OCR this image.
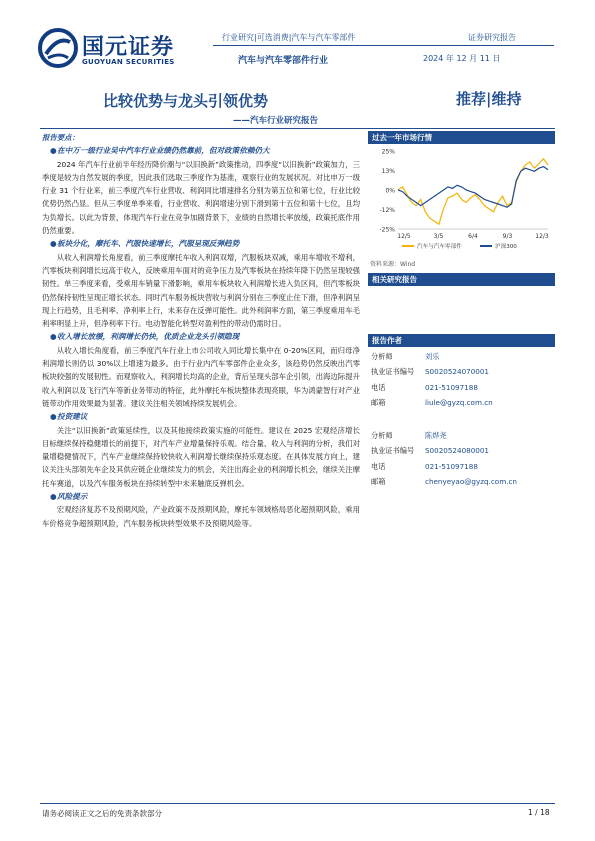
国元证券
GUOYUAN SECURITIES
行业研究|可选消费|汽车与汽车零部件	证券研究报告
汽车与汽车零部件行业	2024 年 12 月 11 日
比较优势与龙头引领优势
——汽车行业研究报告
推荐|维持

报告要点：

●在中万一级行业吴中汽车行业业绩仍然靠前，但对政策依赖仍大

2024 年汽车行业前半年经历降价潮与“以旧换新”政策推动，四季度“以旧换新”政策加力，三季度是较为自然发展的季度，因此我们选取三季度作为基准，观察行业的发展状况。对比申万一级行业 31 个行业来，前三季度汽车行业营收、利润同比增速排名分别为第五位和第七位，行业比较优势仍然凸显。但从三季度单季来看，行业营收、利润增速分别下滑到第十五位和第十七位，且均为负增长。以此为背景，体现汽车行业在竞争加剧背景下，业绩的自然增长率放缓，政策托底作用仍然重要。

●板块分化，摩托车、汽服快速增长，汽服呈现反弹趋势

从收入利润增长角度看，前三季度摩托车收入利润双增，汽服板块双减，乘用车增收不增利，汽零板块利润增长远高于收入，反映乘用车面对的竞争压力及汽零板块在持续年降下仍然呈现较强韧性。单三季度来看，受乘用车销量下滑影响，乘用车板块收入利润增长进入负区间，但汽零板块仍然保持韧性呈现正增长状态。同时汽车服务板块营收与利润分别在三季度止住下滑，但净利润呈现上行趋势，且毛利率、净利率上行，未来存在反弹可能性。此外利润率方面，第三季度乘用车毛利率明显上升，但净利率下行。电动智能化转型对盈利性的带动仍需时日。

●收入增长放缓，利润增长仍快，优质企业龙头引领隐现

从收入增长角度看，前三季度汽车行业上市公司收入同比增长集中在 0-20%区间，而归母净利润增长则仍以 30%以上增速为最多。由于行业内汽车零部件企业众多，该趋势仍然反映出汽零板块较强的发展韧性。而观察收入、利润增长均高的企业，背后呈现头部车企引领，出海边际提升收入利润以及飞行汽车等新业务带动的特征，此外摩托车板块整体表现亮眼，华为鸿蒙智行对产业链带动作用效果最为显著。建议关注相关领域持续发展机会。

●投资建议

关注“以旧换新”政策延续性，以及其他接续政策实施的可能性。建议在 2025 宏观经济增长目标继续保持稳健增长的前提下，对汽车产业增量保持乐观。结合量、收入与利润的分析，我们对量增稳健情况下，汽车产业继续保持较快收入利润增长继续保持乐观态度。在具体发展方向上，建议关注头部领先车企及其供应链企业继续发力的机会，关注出海企业的利润增长机会，继续关注摩托车赛道，以及汽车服务板块在持续转型中未来触底反弹机会。

●风险提示

宏观经济复苏不及预期风险，产业政策不及预期风险，摩托车领域格局恶化超预期风险，乘用车价格竞争超预期风险，汽车服务板块转型效果不及预期风险等。

过去一年市场行情
25%
13%
0%
-12%
-25%
12/5	3/5	6/4	9/3	12/3
汽车与汽车零部件	沪深300
资料来源：Wind
相关研究报告
报告作者
分析师	刘乐
执业证书编号	S0020524070001
电话	021-51097188
邮箱	liule@gyzq.com.cn
分析师	陈烨尧
执业证书编号	S0020524080001
电话	021-51097188
邮箱	chenyeyao@gyzq.com.cn
请务必阅读正文之后的免责条款部分	1 / 18
